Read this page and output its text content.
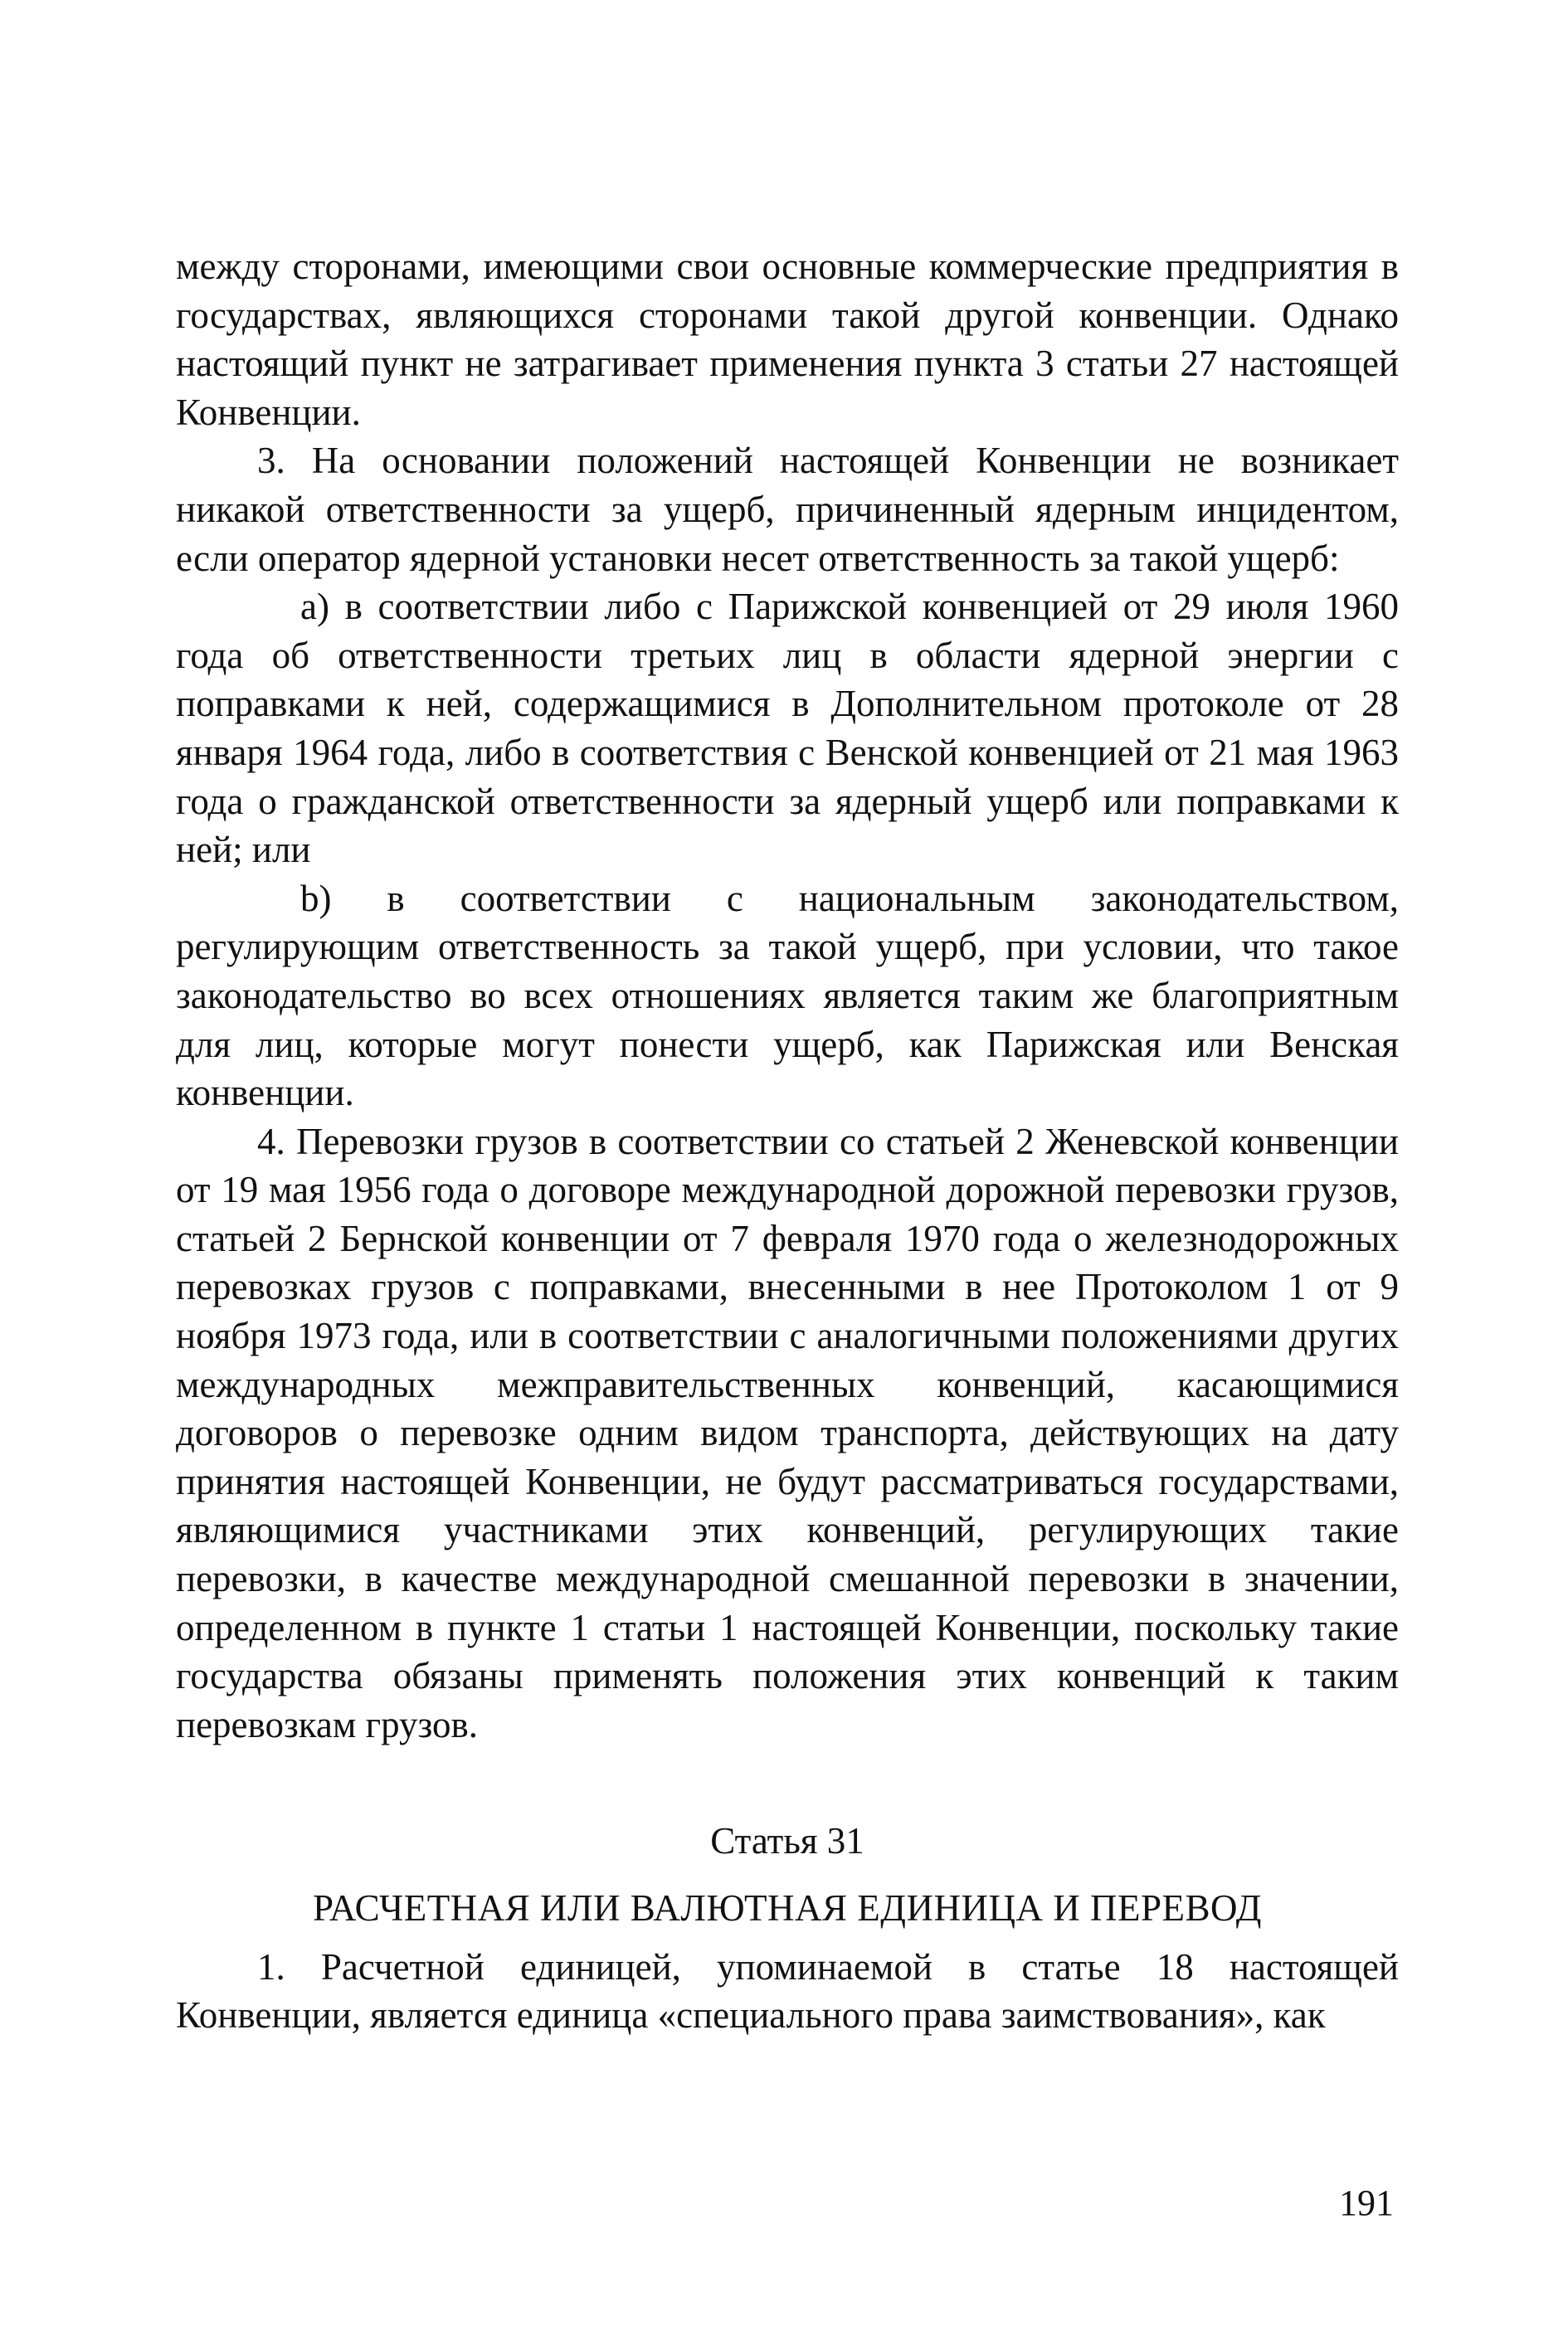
между сторонами, имеющими свои основные коммерческие предприятия в государствах, являющихся сторонами такой другой конвенции. Однако настоящий пункт не затрагивает применения пункта 3 статьи 27 настоящей Конвенции.

3. На основании положений настоящей Конвенции не возникает никакой ответственности за ущерб, причиненный ядерным инцидентом, если оператор ядерной установки несет ответственность за такой ущерб:

a) в соответствии либо с Парижской конвенцией от 29 июля 1960 года об ответственности третьих лиц в области ядерной энергии с поправками к ней, содержащимися в Дополнительном протоколе от 28 января 1964 года, либо в соответствия с Венской конвенцией от 21 мая 1963 года о гражданской ответственности за ядерный ущерб или поправками к ней; или

b) в соответствии с национальным законодательством, регулирующим ответственность за такой ущерб, при условии, что такое законодательство во всех отношениях является таким же благоприятным для лиц, которые могут понести ущерб, как Парижская или Венская конвенции.

4. Перевозки грузов в соответствии со статьей 2 Женевской конвенции от 19 мая 1956 года о договоре международной дорожной перевозки грузов, статьей 2 Бернской конвенции от 7 февраля 1970 года о железнодорожных перевозках грузов с поправками, внесенными в нее Протоколом 1 от 9 ноября 1973 года, или в соответствии с аналогичными положениями других международных межправительственных конвенций, касающимися договоров о перевозке одним видом транспорта, действующих на дату принятия настоящей Конвенции, не будут рассматриваться государствами, являющимися участниками этих конвенций, регулирующих такие перевозки, в качестве международной смешанной перевозки в значении, определенном в пункте 1 статьи 1 настоящей Конвенции, поскольку такие государства обязаны применять положения этих конвенций к таким перевозкам грузов.

Статья 31
РАСЧЕТНАЯ ИЛИ ВАЛЮТНАЯ ЕДИНИЦА И ПЕРЕВОД

1. Расчетной единицей, упоминаемой в статье 18 настоящей Конвенции, является единица «специального права заимствования», как

191
